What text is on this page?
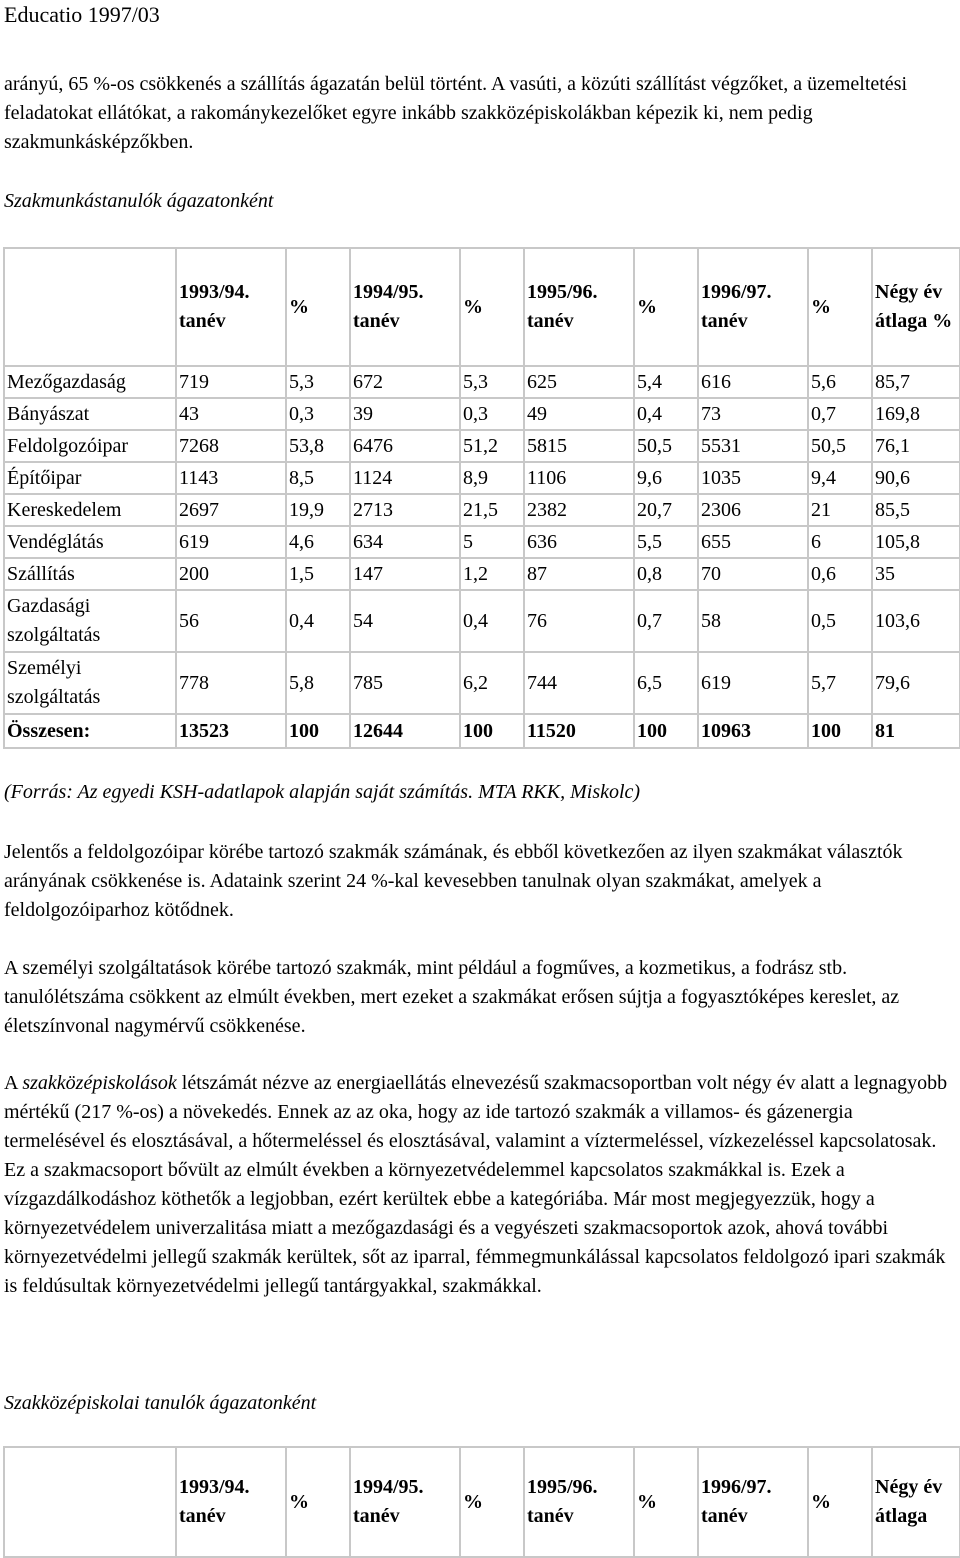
Educatio 1997/03

arányú, 65 %-os csökkenés a szállítás ágazatán belül történt. A vasúti, a közúti szállítást végzőket, a üzemeltetési feladatokat ellátókat, a rakománykezelőket egyre inkább szakközépiskolákban képezik ki, nem pedig szakmunkásképzőkben.

Szakmunkástanulók ágazatonként

	1993/94. tanév	%	1994/95. tanév	%	1995/96. tanév	%	1996/97. tanév	%	Négy év átlaga %
Mezőgazdaság	719	5,3	672	5,3	625	5,4	616	5,6	85,7
Bányászat	43	0,3	39	0,3	49	0,4	73	0,7	169,8
Feldolgozóipar	7268	53,8	6476	51,2	5815	50,5	5531	50,5	76,1
Építőipar	1143	8,5	1124	8,9	1106	9,6	1035	9,4	90,6
Kereskedelem	2697	19,9	2713	21,5	2382	20,7	2306	21	85,5
Vendéglátás	619	4,6	634	5	636	5,5	655	6	105,8
Szállítás	200	1,5	147	1,2	87	0,8	70	0,6	35
Gazdasági szolgáltatás	56	0,4	54	0,4	76	0,7	58	0,5	103,6
Személyi szolgáltatás	778	5,8	785	6,2	744	6,5	619	5,7	79,6
Összesen:	13523	100	12644	100	11520	100	10963	100	81

(Forrás: Az egyedi KSH-adatlapok alapján saját számítás. MTA RKK, Miskolc)

Jelentős a feldolgozóipar körébe tartozó szakmák számának, és ebből következően az ilyen szakmákat választók arányának csökkenése is. Adataink szerint 24 %-kal kevesebben tanulnak olyan szakmákat, amelyek a feldolgozóiparhoz kötődnek.

A személyi szolgáltatások körébe tartozó szakmák, mint például a fogműves, a kozmetikus, a fodrász stb. tanulólétszáma csökkent az elmúlt években, mert ezeket a szakmákat erősen sújtja a fogyasztóképes kereslet, az életszínvonal nagymérvű csökkenése.

A szakközépiskolások létszámát nézve az energiaellátás elnevezésű szakmacsoportban volt négy év alatt a legnagyobb mértékű (217 %-os) a növekedés. Ennek az az oka, hogy az ide tartozó szakmák a villamos- és gázenergia termelésével és elosztásával, a hőtermeléssel és elosztásával, valamint a víztermeléssel, vízkezeléssel kapcsolatosak. Ez a szakmacsoport bővült az elmúlt években a környezetvédelemmel kapcsolatos szakmákkal is. Ezek a vízgazdálkodáshoz köthetők a legjobban, ezért kerültek ebbe a kategóriába. Már most megjegyezzük, hogy a környezetvédelem univerzalitása miatt a mezőgazdasági és a vegyészeti szakmacsoportok azok, ahová további környezetvédelmi jellegű szakmák kerültek, sőt az iparral, fémmegmunkálással kapcsolatos feldolgozó ipari szakmák is feldúsultak környezetvédelmi jellegű tantárgyakkal, szakmákkal.

Szakközépiskolai tanulók ágazatonként

	1993/94. tanév	%	1994/95. tanév	%	1995/96. tanév	%	1996/97. tanév	%	Négy év átlaga
